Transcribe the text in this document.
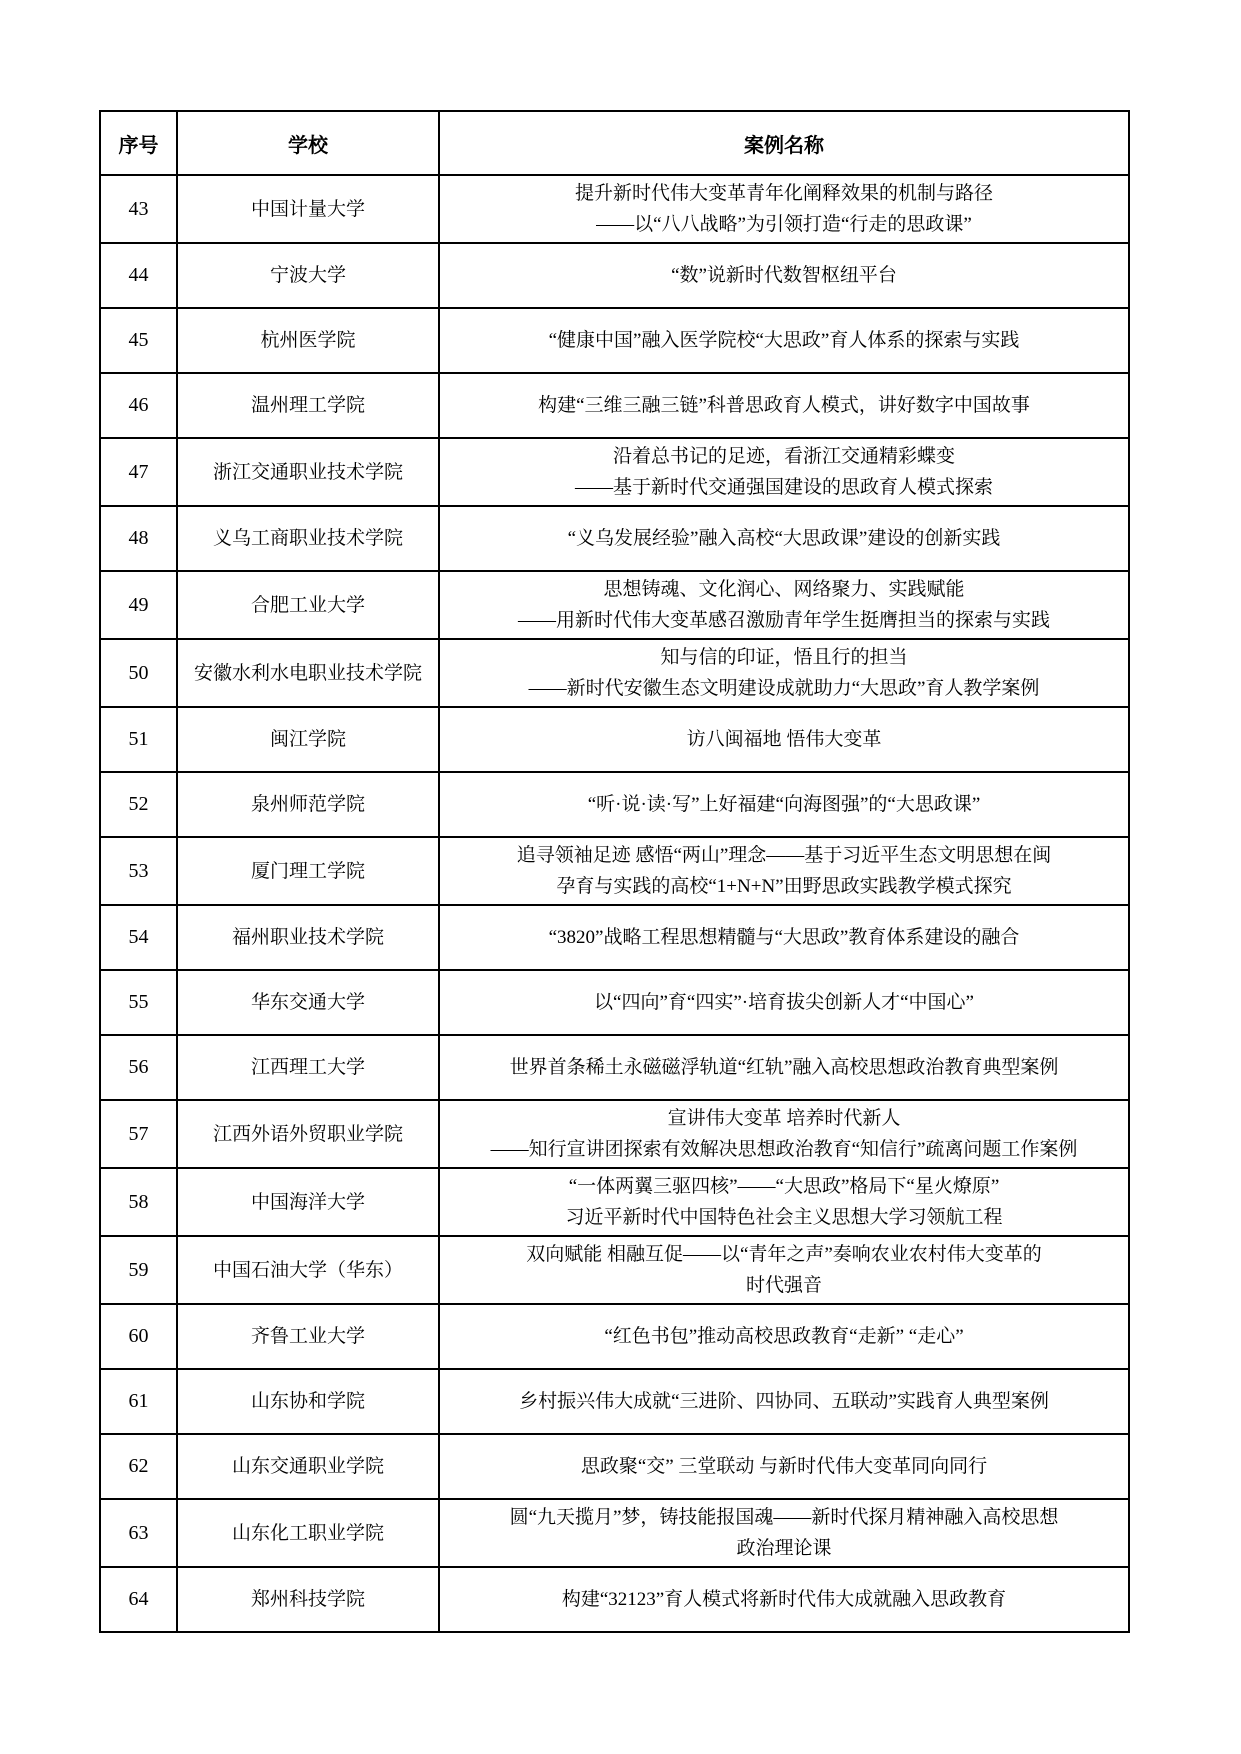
序号	学校	案例名称
43	中国计量大学	提升新时代伟大变革青年化阐释效果的机制与路径
——以“八八战略”为引领打造“行走的思政课”

44	宁波大学	“数”说新时代数智枢纽平台

45	杭州医学院	“健康中国”融入医学院校“大思政”育人体系的探索与实践

46	温州理工学院	构建“三维三融三链”科普思政育人模式，讲好数字中国故事

47	浙江交通职业技术学院	沿着总书记的足迹，看浙江交通精彩蝶变
——基于新时代交通强国建设的思政育人模式探索

48	义乌工商职业技术学院	“义乌发展经验”融入高校“大思政课”建设的创新实践

49	合肥工业大学	思想铸魂、文化润心、网络聚力、实践赋能
——用新时代伟大变革感召激励青年学生挺膺担当的探索与实践

50	安徽水利水电职业技术学院	知与信的印证，悟且行的担当
——新时代安徽生态文明建设成就助力“大思政”育人教学案例

51	闽江学院	访八闽福地 悟伟大变革

52	泉州师范学院	“听·说·读·写”上好福建“向海图强”的“大思政课”

53	厦门理工学院	追寻领袖足迹 感悟“两山”理念——基于习近平生态文明思想在闽
孕育与实践的高校“1+N+N”田野思政实践教学模式探究

54	福州职业技术学院	“3820”战略工程思想精髓与“大思政”教育体系建设的融合

55	华东交通大学	以“四向”育“四实”·培育拔尖创新人才“中国心”

56	江西理工大学	世界首条稀土永磁磁浮轨道“红轨”融入高校思想政治教育典型案例

57	江西外语外贸职业学院	宣讲伟大变革 培养时代新人
——知行宣讲团探索有效解决思想政治教育“知信行”疏离问题工作案例

58	中国海洋大学	“一体两翼三驱四核”——“大思政”格局下“星火燎原”
习近平新时代中国特色社会主义思想大学习领航工程

59	中国石油大学（华东）	双向赋能 相融互促——以“青年之声”奏响农业农村伟大变革的
时代强音

60	齐鲁工业大学	“红色书包”推动高校思政教育“走新” “走心”

61	山东协和学院	乡村振兴伟大成就“三进阶、四协同、五联动”实践育人典型案例

62	山东交通职业学院	思政聚“交” 三堂联动 与新时代伟大变革同向同行

63	山东化工职业学院	圆“九天揽月”梦，铸技能报国魂——新时代探月精神融入高校思想
政治理论课

64	郑州科技学院	构建“32123”育人模式将新时代伟大成就融入思政教育
